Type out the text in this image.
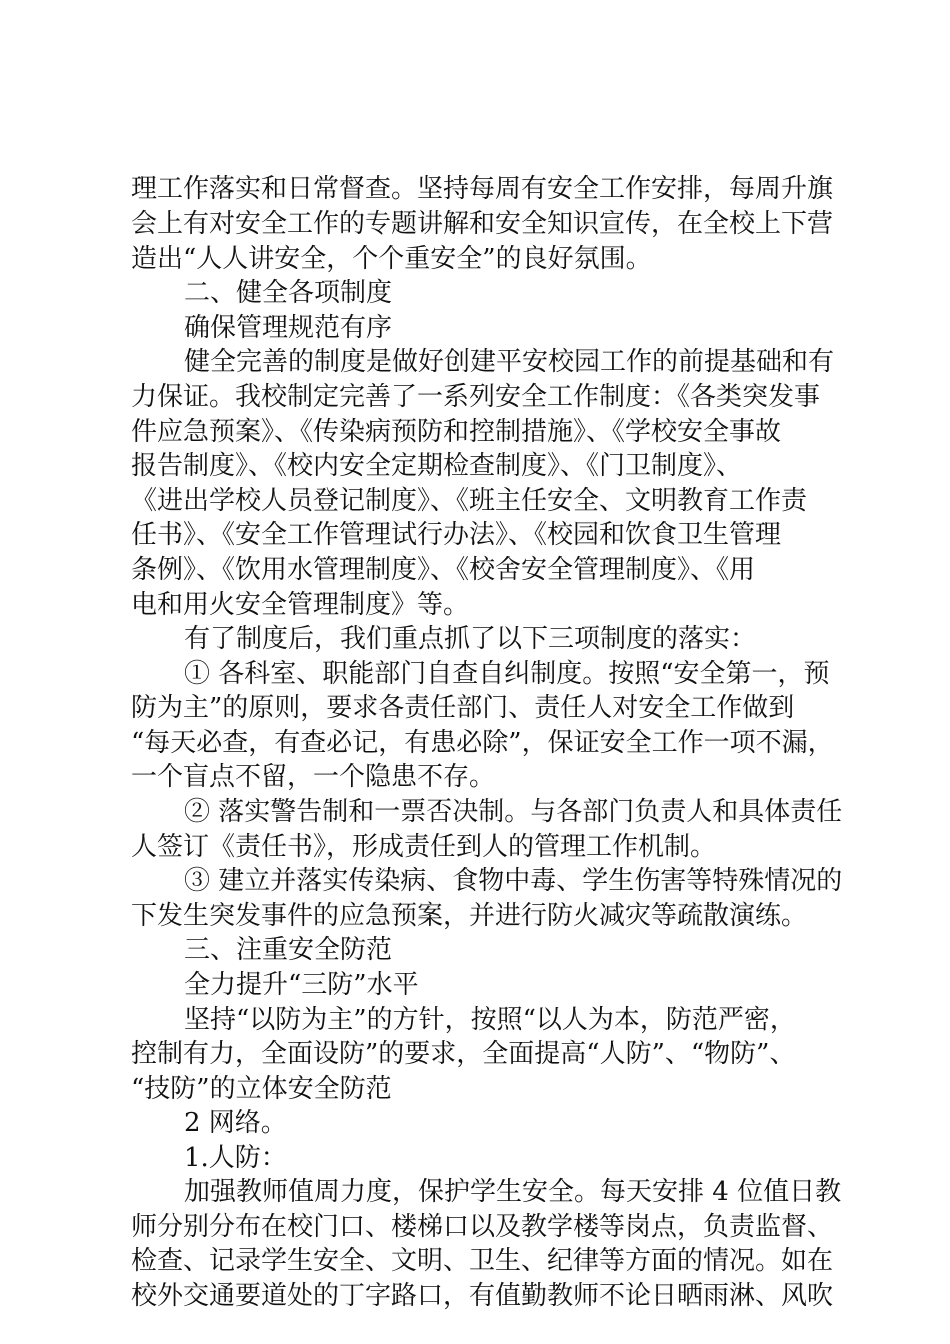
理工作落实和日常督查。坚持每周有安全工作安排，每周升旗
会上有对安全工作的专题讲解和安全知识宣传，在全校上下营
造出“人人讲安全，个个重安全”的良好氛围。
二、健全各项制度
确保管理规范有序
健全完善的制度是做好创建平安校园工作的前提基础和有
力保证。我校制定完善了一系列安全工作制度：《各类突发事
件应急预案》、《传染病预防和控制措施》、《学校安全事故
报告制度》、《校内安全定期检查制度》、《门卫制度》、
《进出学校人员登记制度》、《班主任安全、文明教育工作责
任书》、《安全工作管理试行办法》、《校园和饮食卫生管理
条例》、《饮用水管理制度》、《校舍安全管理制度》、《用
电和用火安全管理制度》等。
有了制度后，我们重点抓了以下三项制度的落实：
① 各科室、职能部门自查自纠制度。按照“安全第一，预
防为主”的原则，要求各责任部门、责任人对安全工作做到
“每天必查，有查必记，有患必除”，保证安全工作一项不漏，
一个盲点不留，一个隐患不存。
② 落实警告制和一票否决制。与各部门负责人和具体责任
人签订《责任书》，形成责任到人的管理工作机制。
③ 建立并落实传染病、食物中毒、学生伤害等特殊情况的
下发生突发事件的应急预案，并进行防火减灾等疏散演练。
三、注重安全防范
全力提升“三防”水平
坚持“以防为主”的方针，按照“以人为本，防范严密，
控制有力，全面设防”的要求，全面提高“人防”、“物防”、
“技防”的立体安全防范
2 网络。
1.人防：
加强教师值周力度，保护学生安全。每天安排 4 位值日教
师分别分布在校门口、楼梯口以及教学楼等岗点，负责监督、
检查、记录学生安全、文明、卫生、纪律等方面的情况。如在
校外交通要道处的丁字路口，有值勤教师不论日晒雨淋、风吹
